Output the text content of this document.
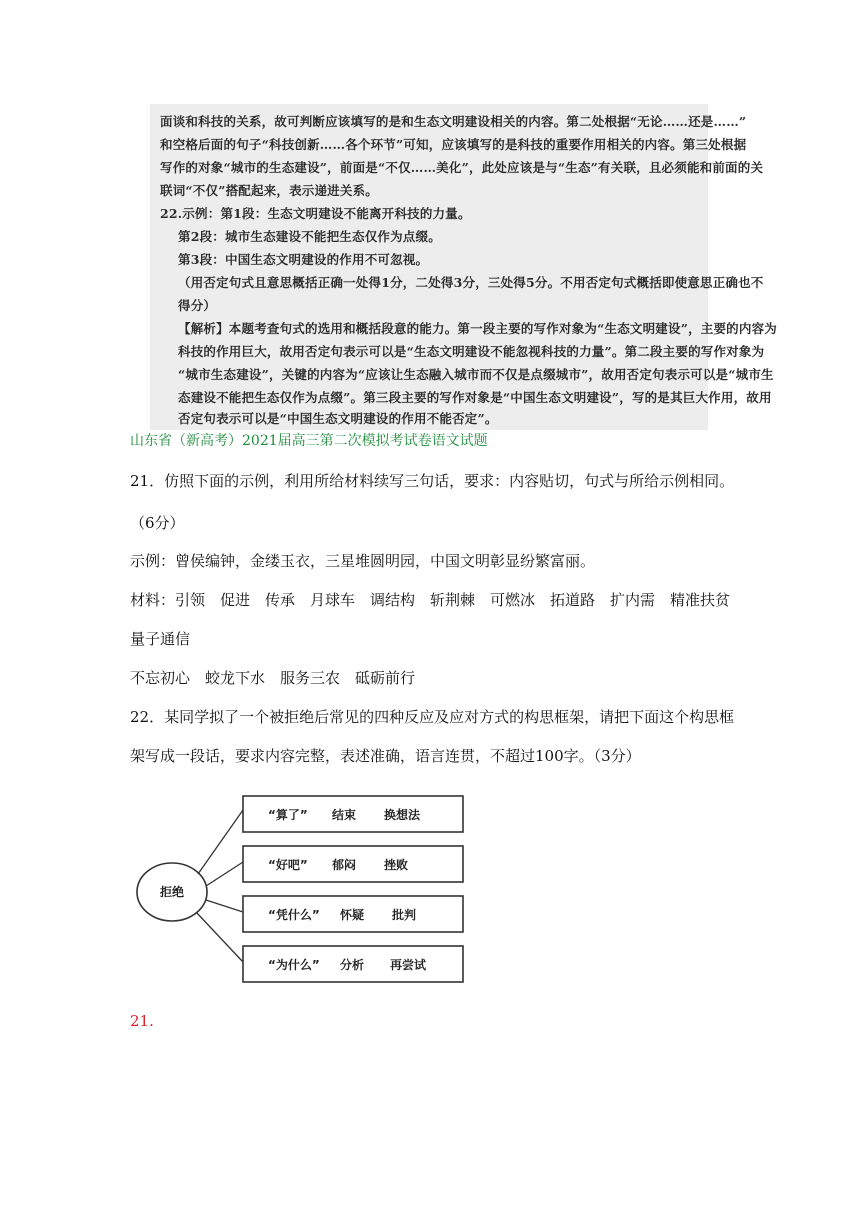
面谈和科技的关系，故可判断应该填写的是和生态文明建设相关的内容。第二处根据“无论……还是……”
和空格后面的句子“科技创新……各个环节”可知，应该填写的是科技的重要作用相关的内容。第三处根据
写作的对象“城市的生态建设”，前面是“不仅……美化”，此处应该是与“生态”有关联，且必须能和前面的关
联词“不仅”搭配起来，表示递进关系。
22.示例：第1段：生态文明建设不能离开科技的力量。
第2段：城市生态建设不能把生态仅作为点缀。
第3段：中国生态文明建设的作用不可忽视。
（用否定句式且意思概括正确一处得1分，二处得3分，三处得5分。不用否定句式概括即使意思正确也不
得分）
【解析】本题考查句式的选用和概括段意的能力。第一段主要的写作对象为“生态文明建设”，主要的内容为
科技的作用巨大，故用否定句表示可以是“生态文明建设不能忽视科技的力量”。第二段主要的写作对象为
“城市生态建设”，关键的内容为“应该让生态融入城市而不仅是点缀城市”，故用否定句表示可以是“城市生
态建设不能把生态仅作为点缀”。第三段主要的写作对象是“中国生态文明建设”，写的是其巨大作用，故用
否定句表示可以是“中国生态文明建设的作用不能否定”。
山东省（新高考）2021届高三第二次模拟考试卷语文试题
21．仿照下面的示例，利用所给材料续写三句话，要求：内容贴切，句式与所给示例相同。
（6分）
示例：曾侯编钟，金缕玉衣，三星堆圆明园，中国文明彰显纷繁富丽。
材料：引领　促进　传承　月球车　调结构　斩荆棘　可燃冰　拓道路　扩内需　精准扶贫
量子通信
不忘初心　蛟龙下水　服务三农　砥砺前行
22．某同学拟了一个被拒绝后常见的四种反应及应对方式的构思框架，请把下面这个构思框
架写成一段话，要求内容完整，表述准确，语言连贯，不超过100字。（3分）
拒绝
“算了” 结束 换想法
“好吧” 郁闷 挫败
“凭什么” 怀疑 批判
“为什么” 分析 再尝试
21.
